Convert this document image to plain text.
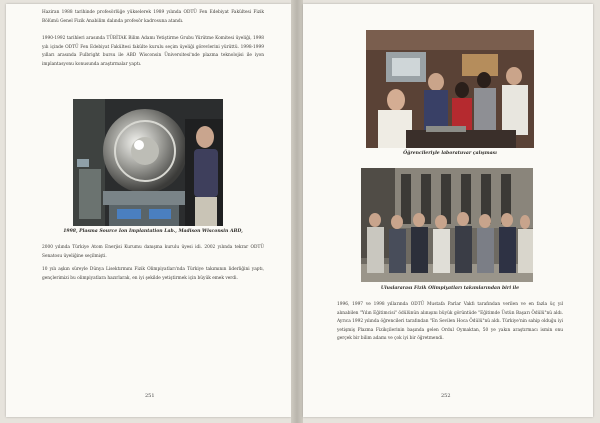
Haziran 1988 tarihinde profesörlüğe yükselerek 1989 yılında ODTÜ Fen Edebiyat Fakültesi Fizik Bölümü Genel Fizik Anabilim dalında profesör kadrosuna atandı.

1990-1992 tarihleri arasında TÜBİTAK Bilim Adamı Yetiştirme Grubu Yürütme Komitesi üyeliği, 1998 yılı içinde ODTÜ Fen Edebiyat Fakültesi fakülte kurulu seçim üyeliği görevlerini yürüttü. 1998-1999 yılları arasında Fulbright bursu ile ABD Wisconsin Üniversitesi'nde plazma teknolojisi ile iyon implantasyonu konusunda araştırmalar yaptı.

1998, Plasma Source Ion Implantation Lab., Madison Wisconsin ABD,

2000 yılında Türkiye Atom Enerjisi Kurumu danışma kurulu üyesi idi. 2002 yılında tekrar ODTÜ Senatosu üyeliğine seçilmişti.

10 yılı aşkın süreyle Dünya Lisektırmını Fizik Olimpiyatları'nda Türkiye takımının liderliğini yaptı, gençlerimizi bu olimpiyatlara hazırlarak, en iyi şekilde yetiştirmek için büyük emek verdi.

251

Öğrencileriyle laboratuvar çalışması

Uluslararası Fizik Olimpiyatları takımlarından biri ile

1996, 1997 ve 1998 yıllarında ODTÜ Mustafa Parlar Vakfı tarafından verilen ve en fazla üç yıl alınabilen "Yılın Eğitimcisi" ödülünün alınışını büyük görüntüde "Eğitimde Üstün Başarı Ödülü"nü aldı. Ayrıca 1992 yılında öğrencileri tarafından "En Sevilen Hoca Ödülü"nü aldı. Türkiye'nin sahip olduğu iyi yetişmiş Plazma Fizikçilerinin başında gelen Ordul Oymaktan, 50 ye yakın araştırmacı ismin onu gerçek bir bilim adamı ve çok iyi bir öğretmendi.

252
